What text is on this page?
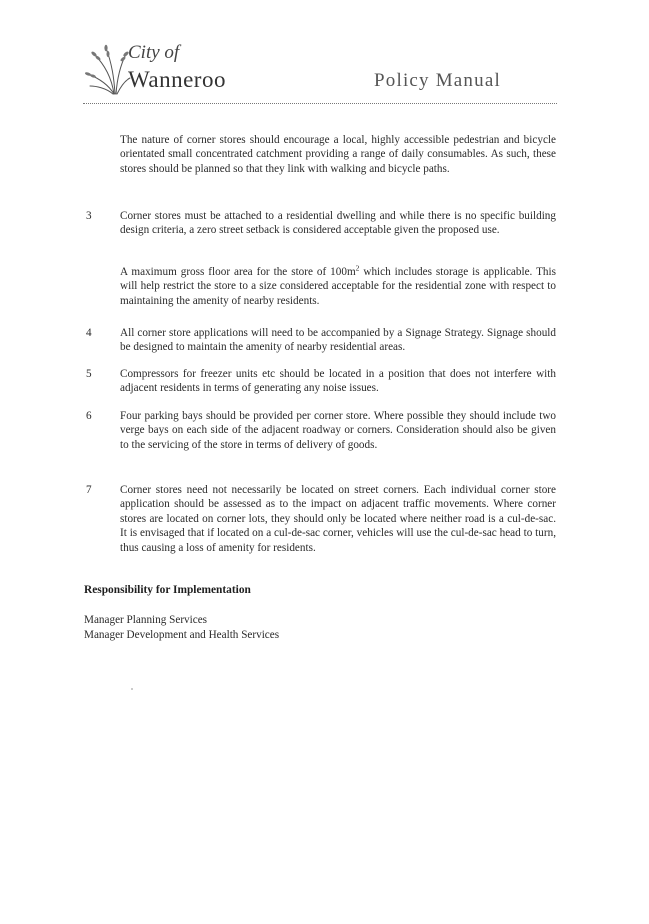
City of
Wanneroo	Policy Manual
The nature of corner stores should encourage a local, highly accessible pedestrian and bicycle orientated small concentrated catchment providing a range of daily consumables. As such, these stores should be planned so that they link with walking and bicycle paths.
3	Corner stores must be attached to a residential dwelling and while there is no specific building design criteria, a zero street setback is considered acceptable given the proposed use.
A maximum gross floor area for the store of $100m^2$ which includes storage is applicable. This will help restrict the store to a size considered acceptable for the residential zone with respect to maintaining the amenity of nearby residents.
4	All corner store applications will need to be accompanied by a Signage Strategy. Signage should be designed to maintain the amenity of nearby residential areas.
5	Compressors for freezer units etc should be located in a position that does not interfere with adjacent residents in terms of generating any noise issues.
6	Four parking bays should be provided per corner store. Where possible they should include two verge bays on each side of the adjacent roadway or corners. Consideration should also be given to the servicing of the store in terms of delivery of goods.
7	Corner stores need not necessarily be located on street corners. Each individual corner store application should be assessed as to the impact on adjacent traffic movements. Where corner stores are located on corner lots, they should only be located where neither road is a cul-de-sac. It is envisaged that if located on a cul-de-sac corner, vehicles will use the cul-de-sac head to turn, thus causing a loss of amenity for residents.
Responsibility for Implementation
Manager Planning Services
Manager Development and Health Services
